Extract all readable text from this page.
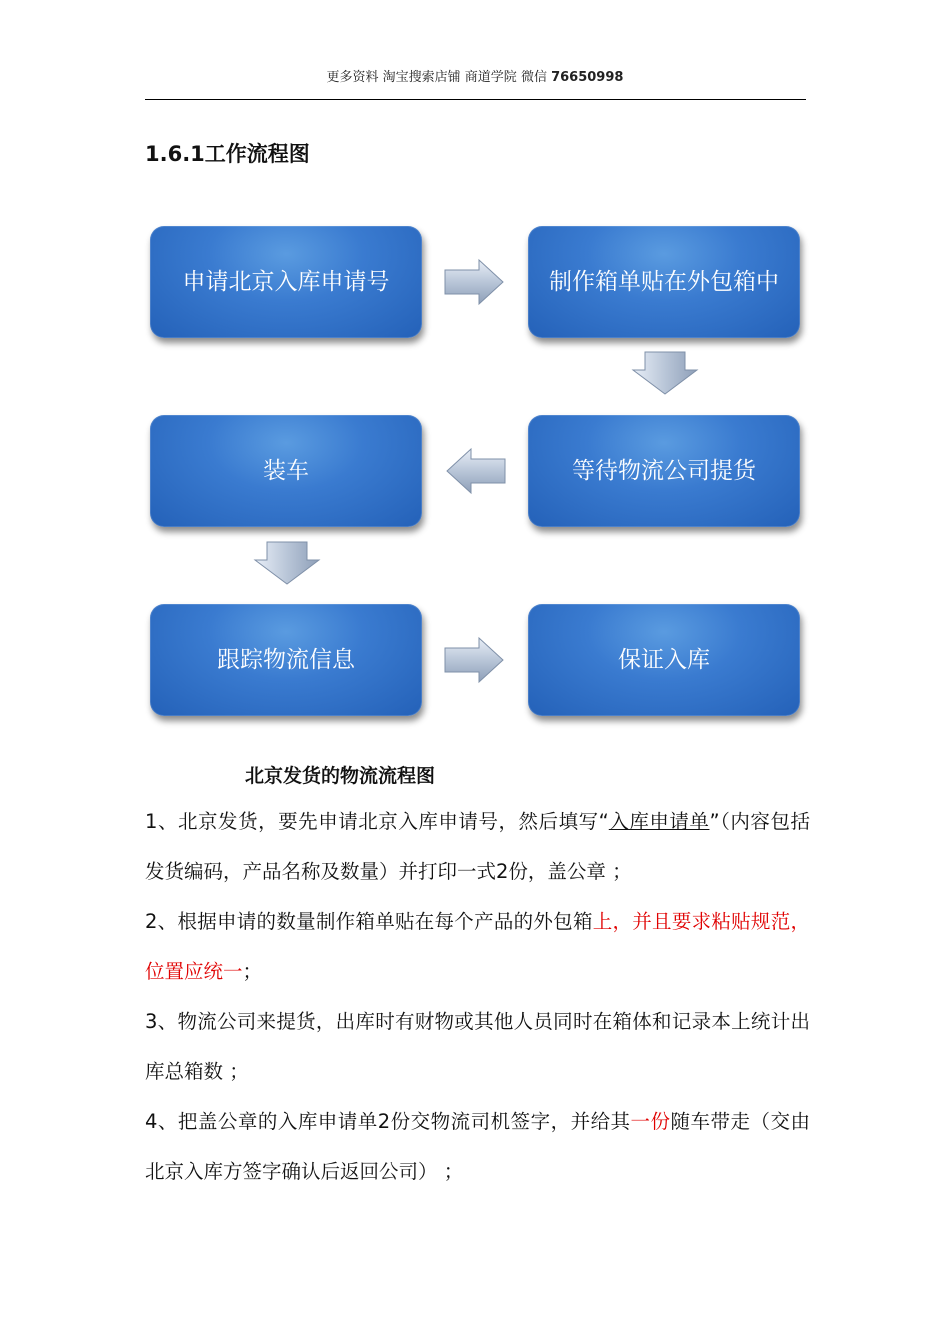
更多资料 淘宝搜索店铺 商道学院 微信 76650998
1.6.1工作流程图
申请北京入库申请号	制作箱单贴在外包箱中
等待物流公司提货
装车
跟踪物流信息	保证入库
北京发货的物流流程图
1、北京发货，要先申请北京入库申请号，然后填写“入库申请单”（内容包括发货编码，产品名称及数量）并打印一式2份，盖公章 ；
2、根据申请的数量制作箱单贴在每个产品的外包箱上，并且要求粘贴规范，位置应统一；
3、物流公司来提货，出库时有财物或其他人员同时在箱体和记录本上统计出库总箱数 ；
4、把盖公章的入库申请单2份交物流司机签字，并给其一份随车带走（交由北京入库方签字确认后返回公司） ；
